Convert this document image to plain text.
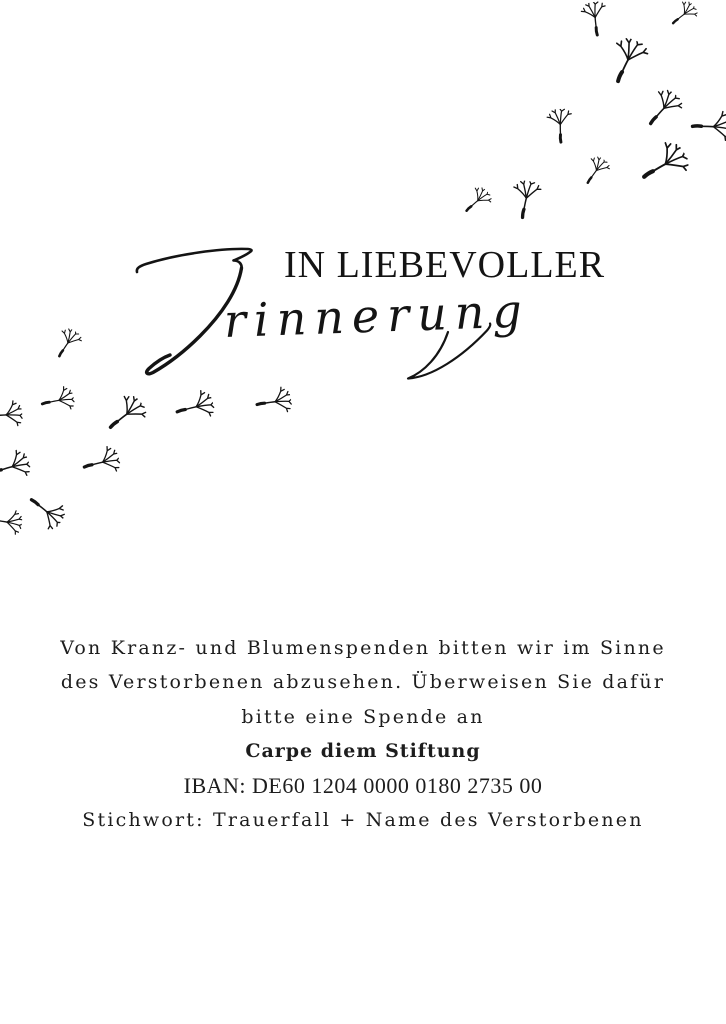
IN LIEBEVOLLER
rinnerung

Von Kranz- und Blumenspenden bitten wir im Sinne

des Verstorbenen abzusehen. Überweisen Sie dafür

bitte eine Spende an

Carpe diem Stiftung

IBAN: DE60 1204 0000 0180 2735 00

Stichwort: Trauerfall + Name des Verstorbenen
